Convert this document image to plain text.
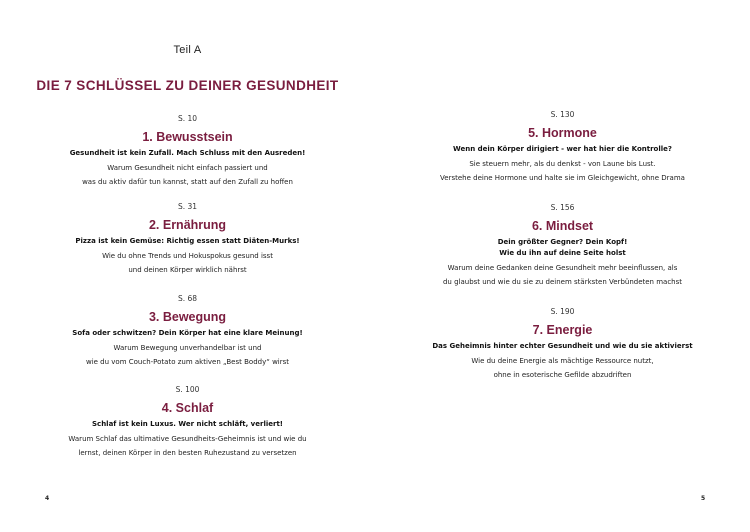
Teil A
DIE 7 SCHLÜSSEL ZU DEINER GESUNDHEIT
S. 10
1. Bewusstsein
Gesundheit ist kein Zufall. Mach Schluss mit den Ausreden!
Warum Gesundheit nicht einfach passiert und
was du aktiv dafür tun kannst, statt auf den Zufall zu hoffen
S. 31
2. Ernährung
Pizza ist kein Gemüse: Richtig essen statt Diäten-Murks!
Wie du ohne Trends und Hokuspokus gesund isst
und deinen Körper wirklich nährst
S. 68
3. Bewegung
Sofa oder schwitzen? Dein Körper hat eine klare Meinung!
Warum Bewegung unverhandelbar ist und
wie du vom Couch-Potato zum aktiven „Best Boddy“ wirst
S. 100
4. Schlaf
Schlaf ist kein Luxus. Wer nicht schläft, verliert!
Warum Schlaf das ultimative Gesundheits-Geheimnis ist und wie du
lernst, deinen Körper in den besten Ruhezustand zu versetzen
4
S. 130
5. Hormone
Wenn dein Körper dirigiert - wer hat hier die Kontrolle?
Sie steuern mehr, als du denkst - von Laune bis Lust.
Verstehe deine Hormone und halte sie im Gleichgewicht, ohne Drama
S. 156
6. Mindset
Dein größter Gegner? Dein Kopf!
Wie du ihn auf deine Seite holst
Warum deine Gedanken deine Gesundheit mehr beeinflussen, als
du glaubst und wie du sie zu deinem stärksten Verbündeten machst
S. 190
7. Energie
Das Geheimnis hinter echter Gesundheit und wie du sie aktivierst
Wie du deine Energie als mächtige Ressource nutzt,
ohne in esoterische Gefilde abzudriften
5
